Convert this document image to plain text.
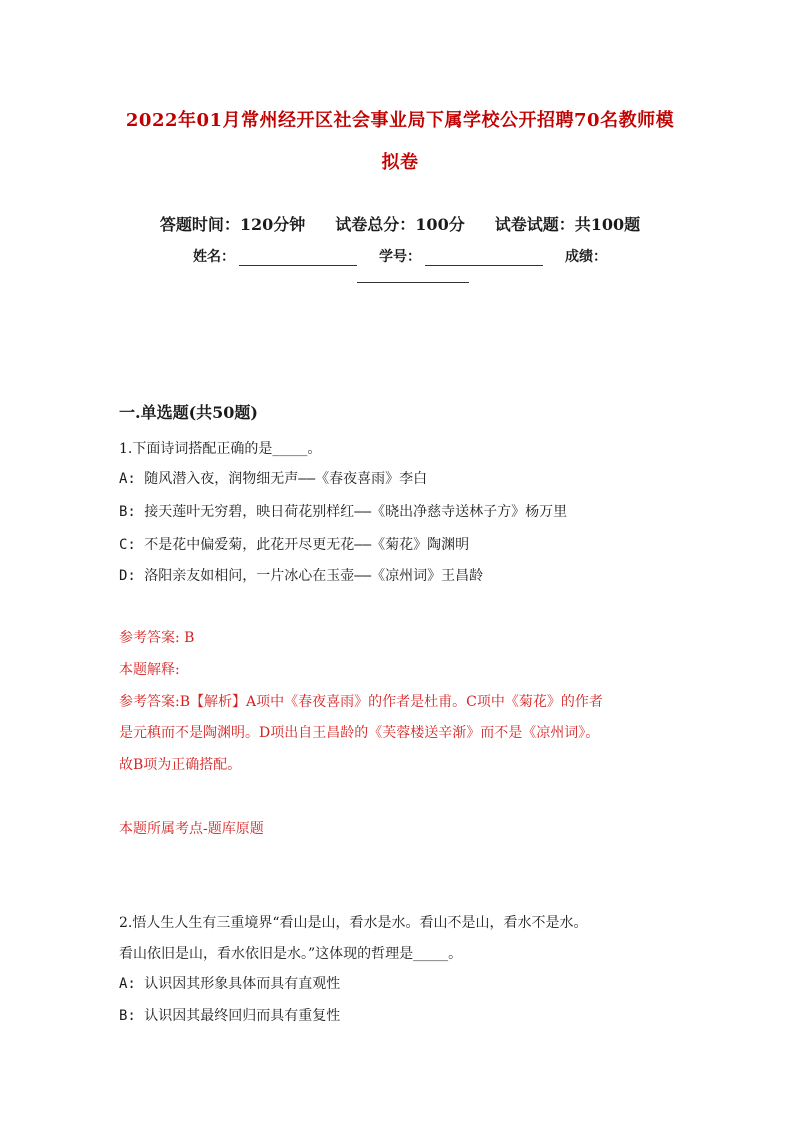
2022年01月常州经开区社会事业局下属学校公开招聘70名教师模
拟卷
答题时间：120分钟 试卷总分：100分 试卷试题：共100题
姓名：	学号：	成绩：
一.单选题(共50题)
1.下面诗词搭配正确的是_____。
A: 随风潜入夜，润物细无声——《春夜喜雨》李白
B: 接天莲叶无穷碧，映日荷花别样红——《晓出净慈寺送林子方》杨万里
C: 不是花中偏爱菊，此花开尽更无花——《菊花》陶渊明
D: 洛阳亲友如相问，一片冰心在玉壶——《凉州词》王昌龄
参考答案: B
本题解释:
参考答案:B【解析】A项中《春夜喜雨》的作者是杜甫。C项中《菊花》的作者
是元稹而不是陶渊明。D项出自王昌龄的《芙蓉楼送辛渐》而不是《凉州词》。
故B项为正确搭配。
本题所属考点-题库原题
2.悟人生人生有三重境界“看山是山，看水是水。看山不是山，看水不是水。
看山依旧是山，看水依旧是水。”这体现的哲理是_____。
A: 认识因其形象具体而具有直观性
B: 认识因其最终回归而具有重复性
